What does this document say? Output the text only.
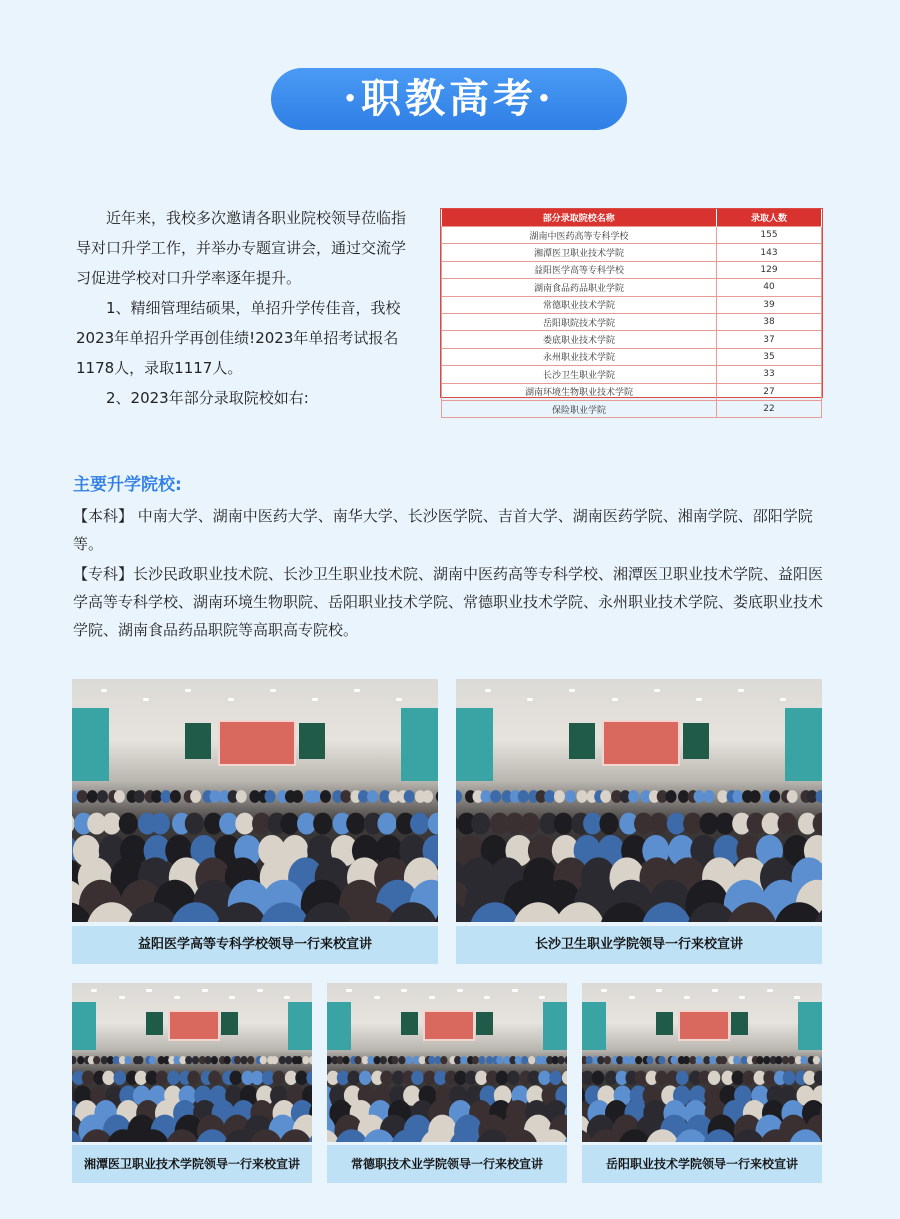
·职教高考·

近年来，我校多次邀请各职业院校领导莅临指导对口升学工作，并举办专题宣讲会，通过交流学习促进学校对口升学率逐年提升。

1、精细管理结硕果，单招升学传佳音，我校2023年单招升学再创佳绩!2023年单招考试报名1178人，录取1117人。

2、2023年部分录取院校如右:

部分录取院校名称	录取人数
湖南中医药高等专科学校	155
湘潭医卫职业技术学院	143
益阳医学高等专科学校	129
湖南食品药品职业学院	40
常德职业技术学院	39
岳阳职院技术学院	38
娄底职业技术学院	37
永州职业技术学院	35
长沙卫生职业学院	33
湖南环境生物职业技术学院	27
保险职业学院	22
主要升学院校:

【本科】 中南大学、湖南中医药大学、南华大学、长沙医学院、吉首大学、湖南医药学院、湘南学院、邵阳学院等。

【专科】长沙民政职业技术院、长沙卫生职业技术院、湖南中医药高等专科学校、湘潭医卫职业技术学院、益阳医学高等专科学校、湖南环境生物职院、岳阳职业技术学院、常德职业技术学院、永州职业技术学院、娄底职业技术学院、湖南食品药品职院等高职高专院校。

益阳医学高等专科学校领导一行来校宣讲	长沙卫生职业学院领导一行来校宣讲
湘潭医卫职业技术学院领导一行来校宣讲	常德职技术业学院领导一行来校宣讲	岳阳职业技术学院领导一行来校宣讲
